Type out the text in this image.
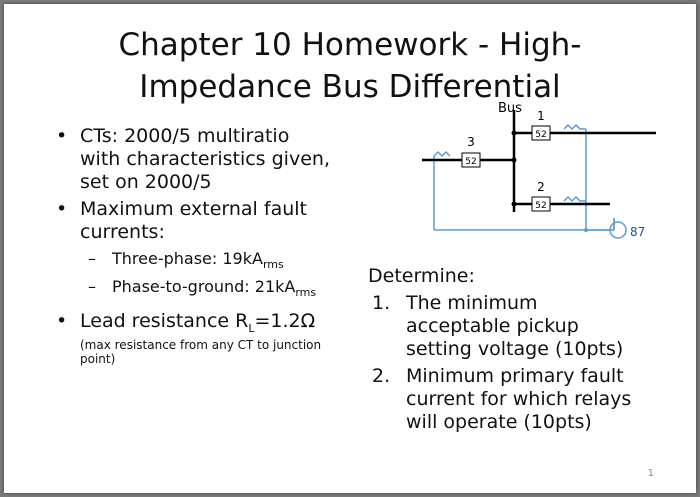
Chapter 10 Homework - High-
Impedance Bus Differential
• CTs: 2000/5 multiratio
with characteristics given,
set on 2000/5
• Maximum external fault
currents:
– Three-phase: $19kA_{rms}$
– Phase-to-ground: $21kA_{rms}$
• Lead resistance $R_L=1.2\Omega$
(max resistance from any CT to junction
point)
Determine:
1. The minimum
acceptable pickup
setting voltage (10pts)
2. Minimum primary fault
current for which relays
will operate (10pts)
52
52
52
Bus 1
2
3
87
1
